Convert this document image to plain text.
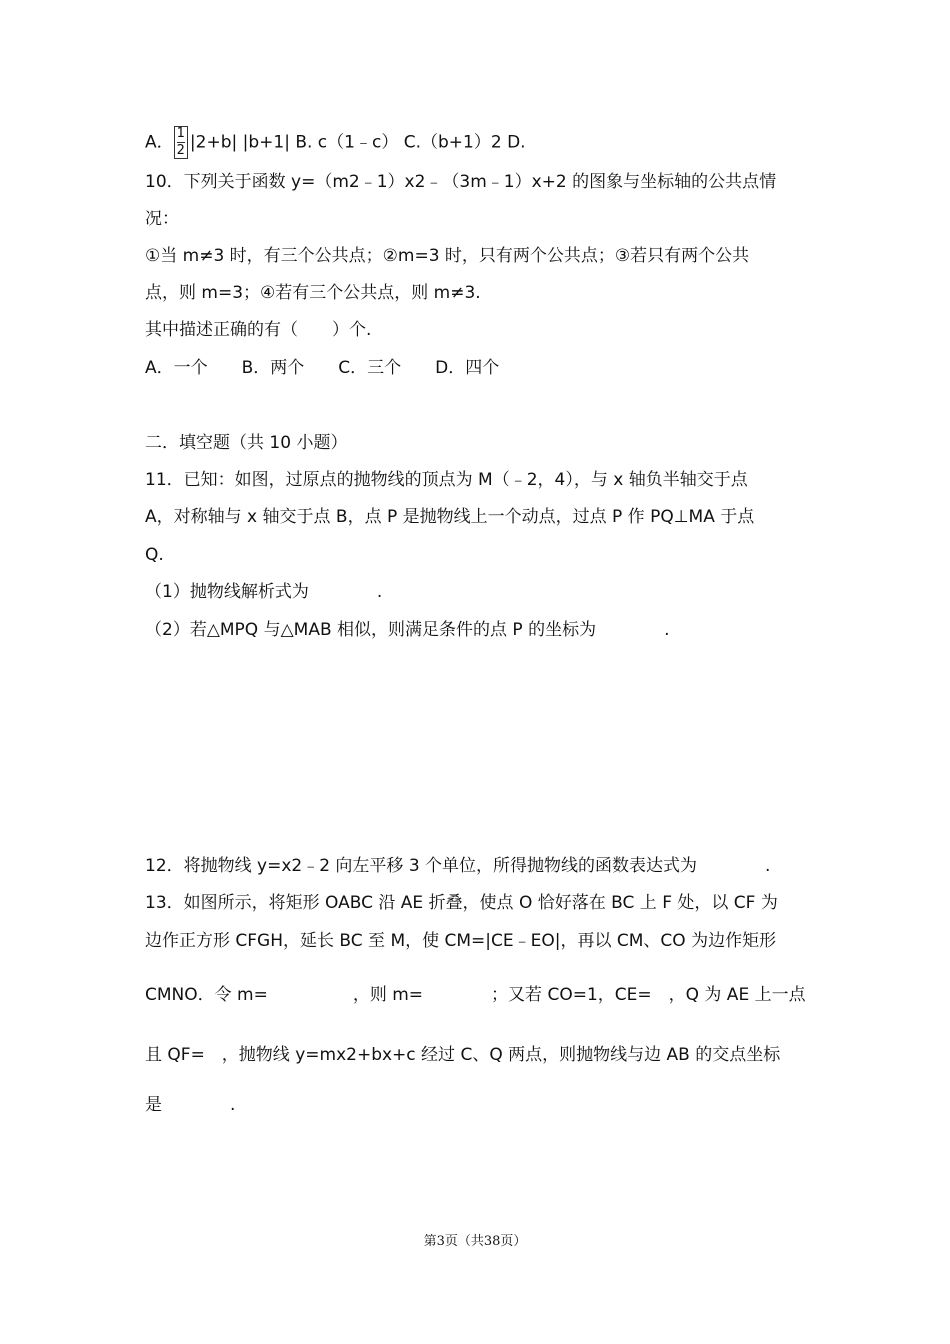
A． $\frac{1}{2} |2+b|$ |b+1| B. c（1﹣c） C.（b+1）2 D.
10．下列关于函数 y=（m2﹣1）x2﹣（3m﹣1）x+2 的图象与坐标轴的公共点情
况：
①当 m≠3 时，有三个公共点；②m=3 时，只有两个公共点；③若只有两个公共
点，则 m=3；④若有三个公共点，则 m≠3.
其中描述正确的有（　　）个.
A．一个　　B．两个　　C．三个　　D．四个
二．填空题（共 10 小题）
11．已知：如图，过原点的抛物线的顶点为 M（﹣2，4），与 x 轴负半轴交于点
A，对称轴与 x 轴交于点 B，点 P 是抛物线上一个动点，过点 P 作 PQ⊥MA 于点
Q.
（1）抛物线解析式为　　　　.
（2）若△MPQ 与△MAB 相似，则满足条件的点 P 的坐标为　　　　.
12．将抛物线 y=x2﹣2 向左平移 3 个单位，所得抛物线的函数表达式为　　　　.
13．如图所示，将矩形 OABC 沿 AE 折叠，使点 O 恰好落在 BC 上 F 处，以 CF 为
边作正方形 CFGH，延长 BC 至 M，使 CM=|CE﹣EO|，再以 CM、CO 为边作矩形
CMNO．令 m=　　　　　，则 m=　　　　；又若 CO=1，CE=　，Q 为 AE 上一点
且 QF=　，抛物线 y=mx2+bx+c 经过 C、Q 两点，则抛物线与边 AB 的交点坐标
是　　　　.
第3页（共38页）
